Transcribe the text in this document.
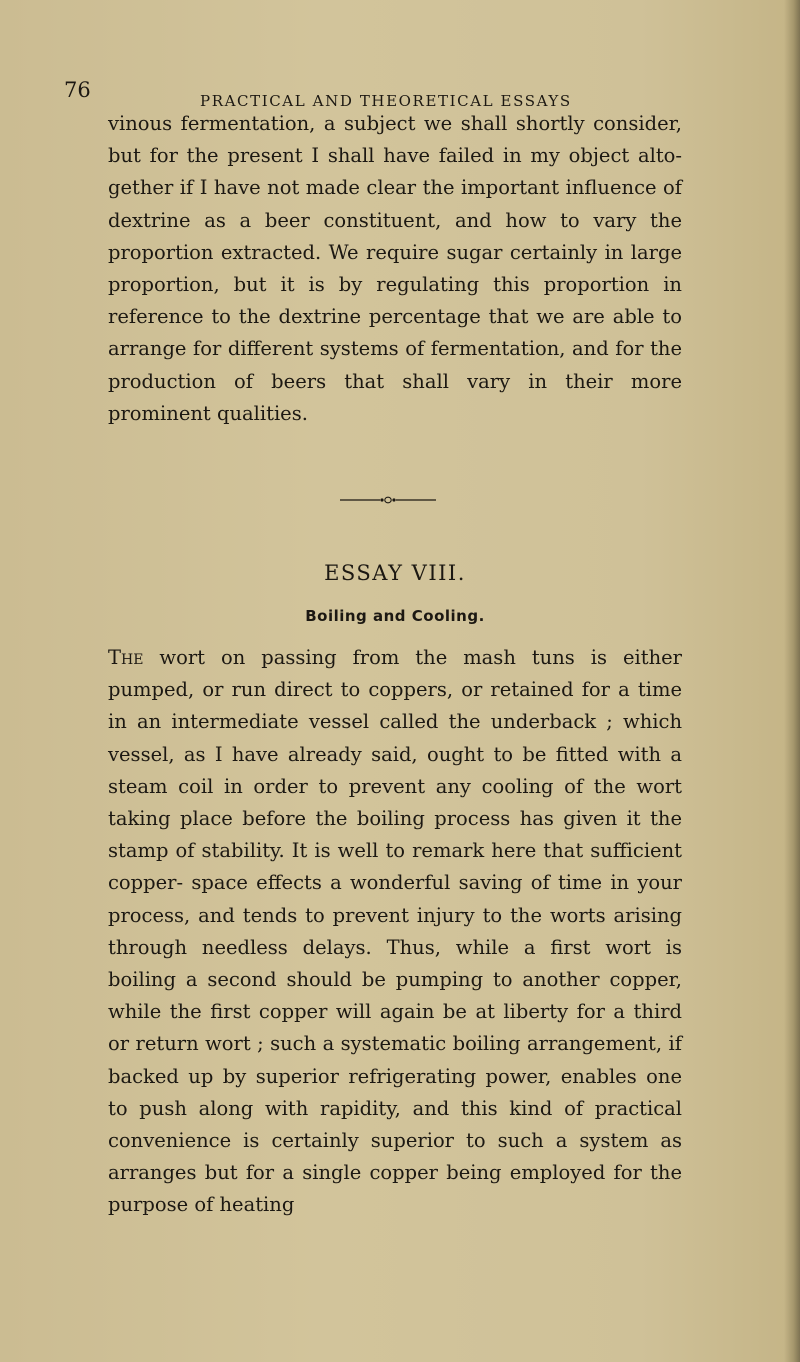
76	PRACTICAL AND THEORETICAL ESSAYS

vinous fermentation, a subject we shall shortly consider, but for the present I shall have failed in my object alto- gether if I have not made clear the important influence of dextrine as a beer constituent, and how to vary the proportion extracted. We require sugar certainly in large proportion, but it is by regulating this proportion in reference to the dextrine percentage that we are able to arrange for different systems of fermentation, and for the production of beers that shall vary in their more prominent qualities.

ESSAY VIII.
Boiling and Cooling.

The wort on passing from the mash tuns is either pumped, or run direct to coppers, or retained for a time in an intermediate vessel called the underback ; which vessel, as I have already said, ought to be fitted with a steam coil in order to prevent any cooling of the wort taking place before the boiling process has given it the stamp of stability. It is well to remark here that sufficient copper- space effects a wonderful saving of time in your process, and tends to prevent injury to the worts arising through needless delays. Thus, while a first wort is boiling a second should be pumping to another copper, while the first copper will again be at liberty for a third or return wort ; such a systematic boiling arrangement, if backed up by superior refrigerating power, enables one to push along with rapidity, and this kind of practical convenience is certainly superior to such a system as arranges but for a single copper being employed for the purpose of heating
